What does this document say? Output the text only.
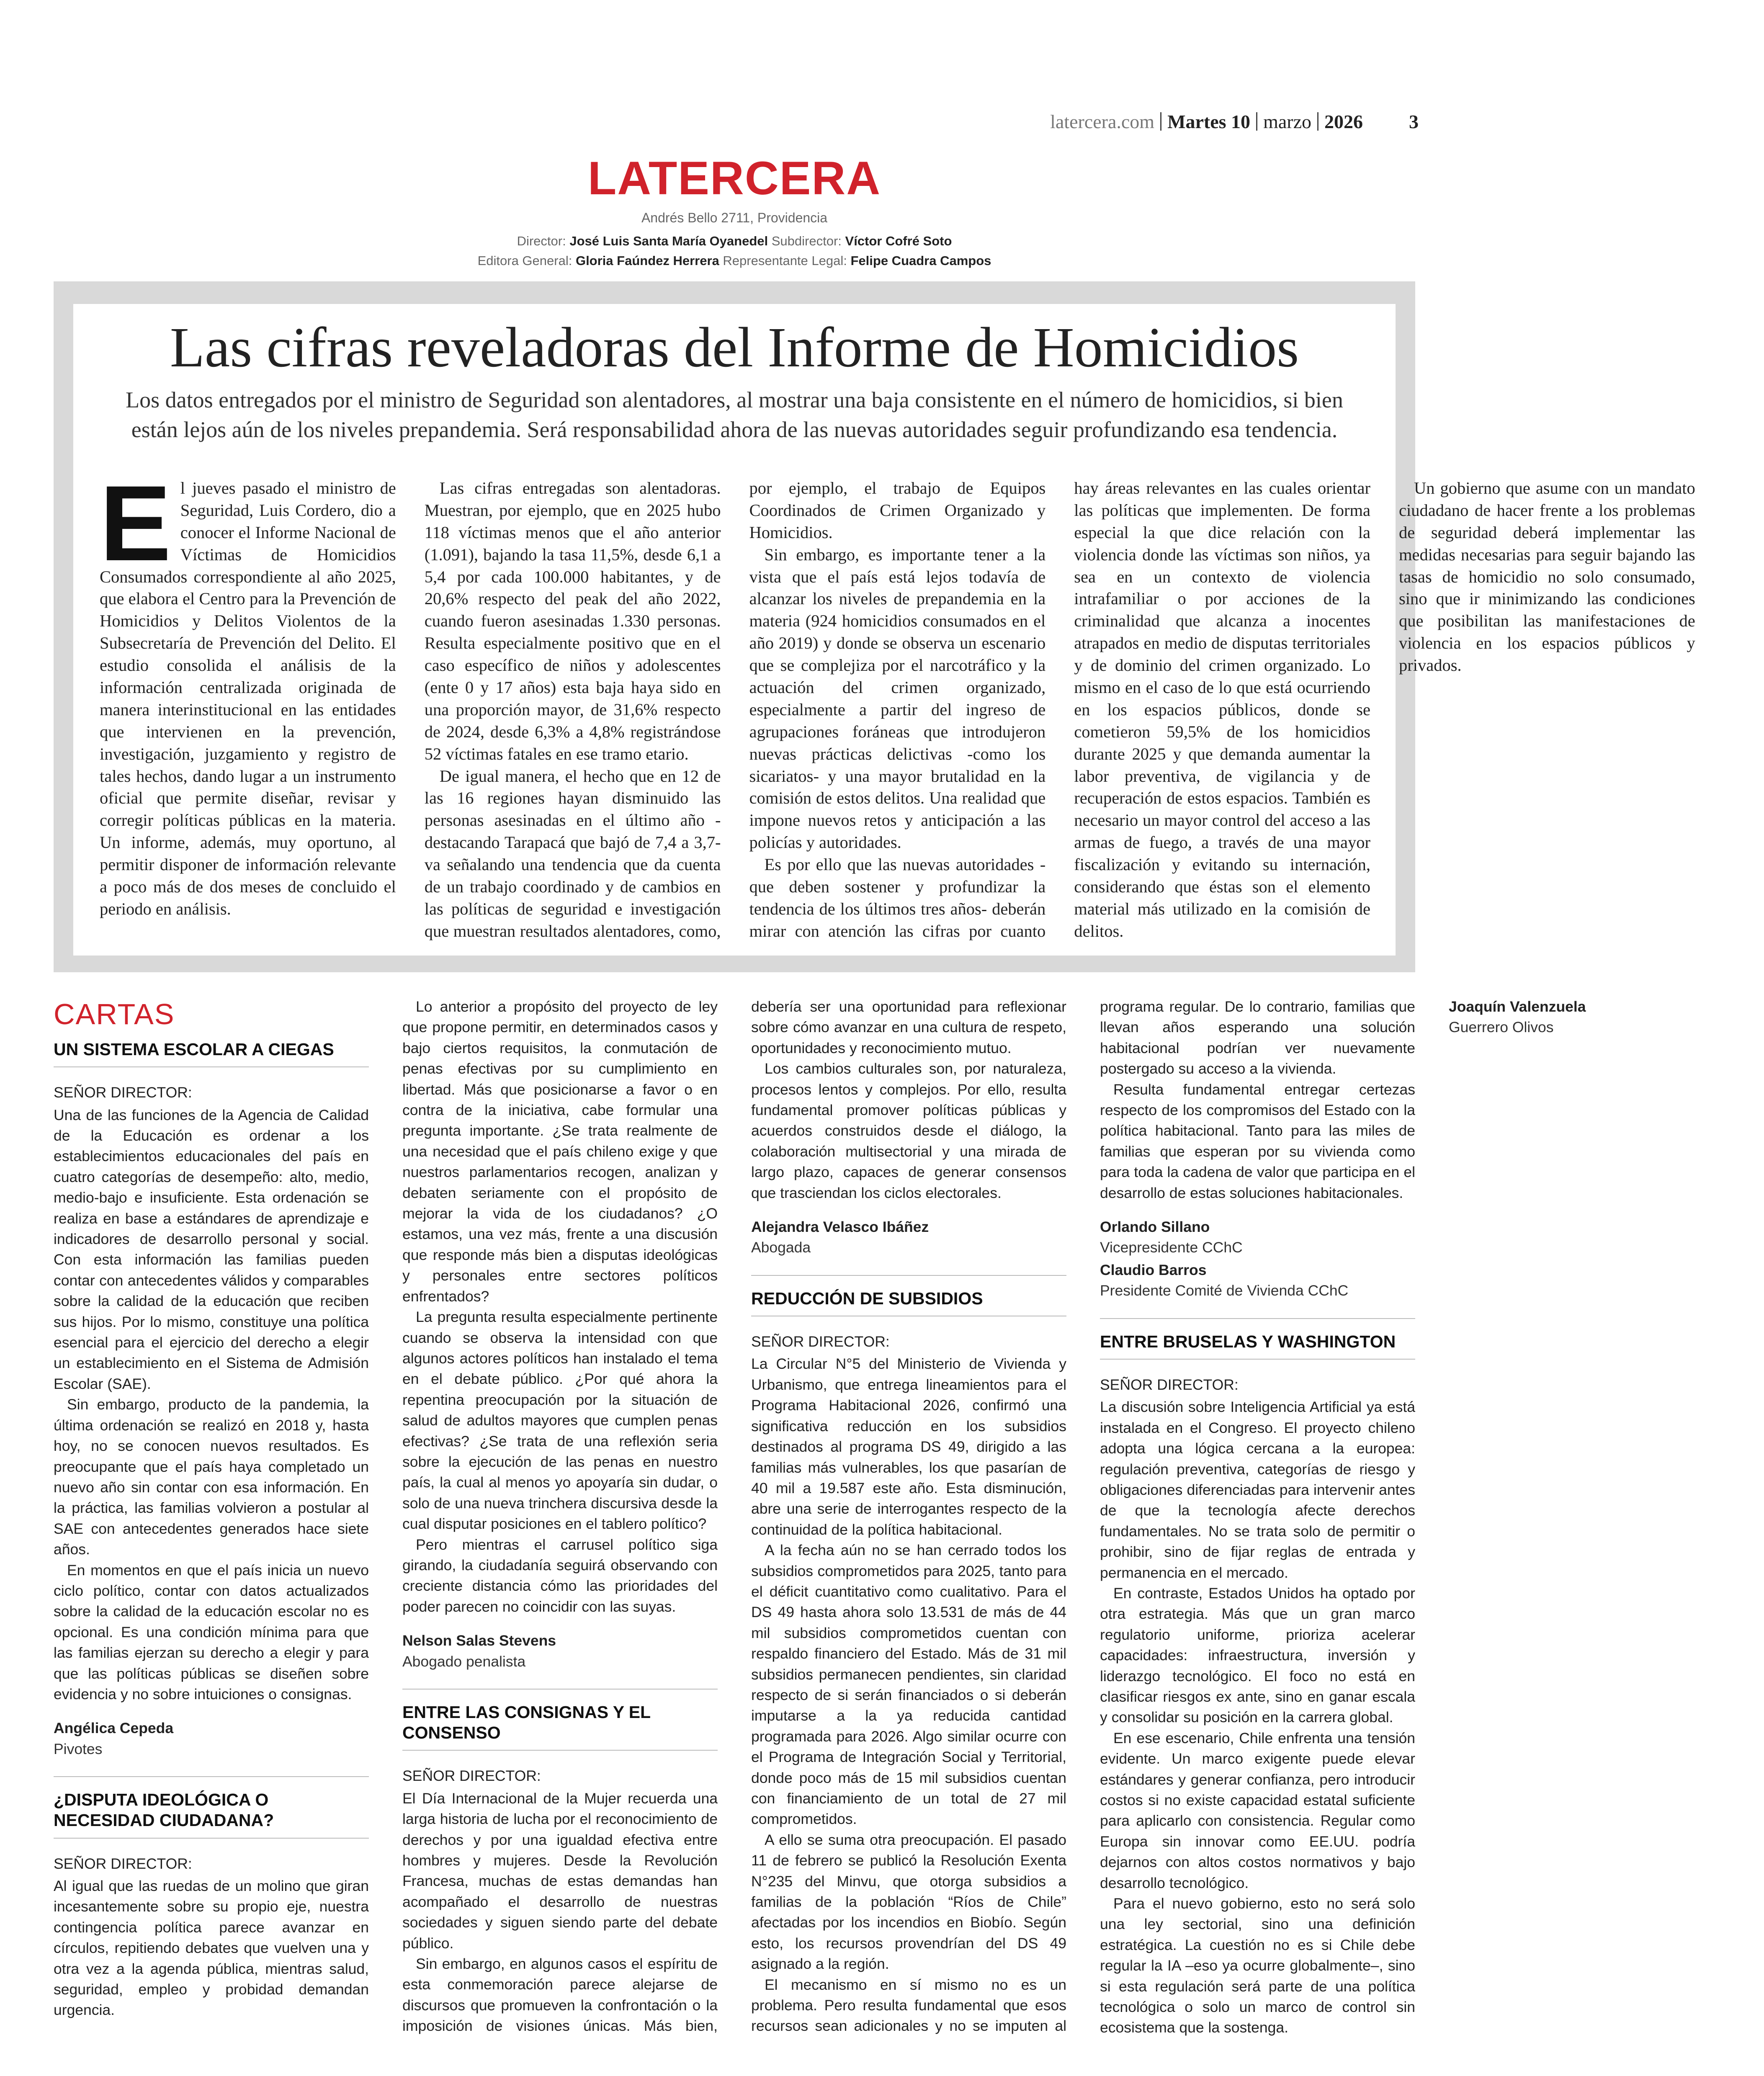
latercera.com Martes 10 marzo 2026 3
LATERCERA
Andrés Bello 2711, Providencia
Director: José Luis Santa María Oyanedel Subdirector: Víctor Cofré Soto
Editora General: Gloria Faúndez Herrera Representante Legal: Felipe Cuadra Campos
Las cifras reveladoras del Informe de Homicidios
Los datos entregados por el ministro de Seguridad son alentadores, al mostrar una baja consistente en el número de homicidios, si bien están lejos aún de los niveles prepandemia. Será responsabilidad ahora de las nuevas autoridades seguir profundizando esa tendencia.

El jueves pasado el ministro de Seguridad, Luis Cordero, dio a conocer el Informe Nacional de Víctimas de Homicidios Consumados correspondiente al año 2025, que elabora el Centro para la Prevención de Homicidios y Delitos Violentos de la Subsecretaría de Prevención del Delito. El estudio consolida el análisis de la información centralizada originada de manera interinstitucional en las entidades que intervienen en la prevención, investigación, juzgamiento y registro de tales hechos, dando lugar a un instrumento oficial que permite diseñar, revisar y corregir políticas públicas en la materia. Un informe, además, muy oportuno, al permitir disponer de información relevante a poco más de dos meses de concluido el periodo en análisis.

Las cifras entregadas son alentadoras. Muestran, por ejemplo, que en 2025 hubo 118 víctimas menos que el año anterior (1.091), bajando la tasa 11,5%, desde 6,1 a 5,4 por cada 100.000 habitantes, y de 20,6% respecto del peak del año 2022, cuando fueron asesinadas 1.330 personas. Resulta especialmente positivo que en el caso específico de niños y adolescentes (ente 0 y 17 años) esta baja haya sido en una proporción mayor, de 31,6% respecto de 2024, desde 6,3% a 4,8% registrándose 52 víctimas fatales en ese tramo etario.

De igual manera, el hecho que en 12 de las 16 regiones hayan disminuido las personas asesinadas en el último año -destacando Tarapacá que bajó de 7,4 a 3,7- va señalando una tendencia que da cuenta de un trabajo coordinado y de cambios en las políticas de seguridad e investigación que muestran resultados alentadores, como, por ejemplo, el trabajo de Equipos Coordinados de Crimen Organizado y Homicidios.

Sin embargo, es importante tener a la vista que el país está lejos todavía de alcanzar los niveles de prepandemia en la materia (924 homicidios consumados en el año 2019) y donde se observa un escenario que se complejiza por el narcotráfico y la actuación del crimen organizado, especialmente a partir del ingreso de agrupaciones foráneas que introdujeron nuevas prácticas delictivas -como los sicariatos- y una mayor brutalidad en la comisión de estos delitos. Una realidad que impone nuevos retos y anticipación a las policías y autoridades.

Es por ello que las nuevas autoridades -que deben sostener y profundizar la tendencia de los últimos tres años- deberán mirar con atención las cifras por cuanto hay áreas relevantes en las cuales orientar las políticas que implementen. De forma especial la que dice relación con la violencia donde las víctimas son niños, ya sea en un contexto de violencia intrafamiliar o por acciones de la criminalidad que alcanza a inocentes atrapados en medio de disputas territoriales y de dominio del crimen organizado. Lo mismo en el caso de lo que está ocurriendo en los espacios públicos, donde se cometieron 59,5% de los homicidios durante 2025 y que demanda aumentar la labor preventiva, de vigilancia y de recuperación de estos espacios. También es necesario un mayor control del acceso a las armas de fuego, a través de una mayor fiscalización y evitando su internación, considerando que éstas son el elemento material más utilizado en la comisión de delitos.

Un gobierno que asume con un mandato ciudadano de hacer frente a los problemas de seguridad deberá implementar las medidas necesarias para seguir bajando las tasas de homicidio no solo consumado, sino que ir minimizando las condiciones que posibilitan las manifestaciones de violencia en los espacios públicos y privados.

CARTAS
UN SISTEMA ESCOLAR A CIEGAS
SEÑOR DIRECTOR:

Una de las funciones de la Agencia de Calidad de la Educación es ordenar a los establecimientos educacionales del país en cuatro categorías de desempeño: alto, medio, medio-bajo e insuficiente. Esta ordenación se realiza en base a estándares de aprendizaje e indicadores de desarrollo personal y social. Con esta información las familias pueden contar con antecedentes válidos y comparables sobre la calidad de la educación que reciben sus hijos. Por lo mismo, constituye una política esencial para el ejercicio del derecho a elegir un establecimiento en el Sistema de Admisión Escolar (SAE).

Sin embargo, producto de la pandemia, la última ordenación se realizó en 2018 y, hasta hoy, no se conocen nuevos resultados. Es preocupante que el país haya completado un nuevo año sin contar con esa información. En la práctica, las familias volvieron a postular al SAE con antecedentes generados hace siete años.

En momentos en que el país inicia un nuevo ciclo político, contar con datos actualizados sobre la calidad de la educación escolar no es opcional. Es una condición mínima para que las familias ejerzan su derecho a elegir y para que las políticas públicas se diseñen sobre evidencia y no sobre intuiciones o consignas.

Angélica Cepeda
Pivotes
¿DISPUTA IDEOLÓGICA O NECESIDAD CIUDADANA?
SEÑOR DIRECTOR:

Al igual que las ruedas de un molino que giran incesantemente sobre su propio eje, nuestra contingencia política parece avanzar en círculos, repitiendo debates que vuelven una y otra vez a la agenda pública, mientras salud, seguridad, empleo y probidad demandan urgencia.

Lo anterior a propósito del proyecto de ley que propone permitir, en determinados casos y bajo ciertos requisitos, la conmutación de penas efectivas por su cumplimiento en libertad. Más que posicionarse a favor o en contra de la iniciativa, cabe formular una pregunta importante. ¿Se trata realmente de una necesidad que el país chileno exige y que nuestros parlamentarios recogen, analizan y debaten seriamente con el propósito de mejorar la vida de los ciudadanos? ¿O estamos, una vez más, frente a una discusión que responde más bien a disputas ideológicas y personales entre sectores políticos enfrentados?

La pregunta resulta especialmente pertinente cuando se observa la intensidad con que algunos actores políticos han instalado el tema en el debate público. ¿Por qué ahora la repentina preocupación por la situación de salud de adultos mayores que cumplen penas efectivas? ¿Se trata de una reflexión seria sobre la ejecución de las penas en nuestro país, la cual al menos yo apoyaría sin dudar, o solo de una nueva trinchera discursiva desde la cual disputar posiciones en el tablero político?

Pero mientras el carrusel político siga girando, la ciudadanía seguirá observando con creciente distancia cómo las prioridades del poder parecen no coincidir con las suyas.

Nelson Salas Stevens
Abogado penalista
ENTRE LAS CONSIGNAS Y EL CONSENSO
SEÑOR DIRECTOR:

El Día Internacional de la Mujer recuerda una larga historia de lucha por el reconocimiento de derechos y por una igualdad efectiva entre hombres y mujeres. Desde la Revolución Francesa, muchas de estas demandas han acompañado el desarrollo de nuestras sociedades y siguen siendo parte del debate público.

Sin embargo, en algunos casos el espíritu de esta conmemoración parece alejarse de discursos que promueven la confrontación o la imposición de visiones únicas. Más bien, debería ser una oportunidad para reflexionar sobre cómo avanzar en una cultura de respeto, oportunidades y reconocimiento mutuo.

Los cambios culturales son, por naturaleza, procesos lentos y complejos. Por ello, resulta fundamental promover políticas públicas y acuerdos construidos desde el diálogo, la colaboración multisectorial y una mirada de largo plazo, capaces de generar consensos que trasciendan los ciclos electorales.

Alejandra Velasco Ibáñez
Abogada
REDUCCIÓN DE SUBSIDIOS
SEÑOR DIRECTOR:

La Circular N°5 del Ministerio de Vivienda y Urbanismo, que entrega lineamientos para el Programa Habitacional 2026, confirmó una significativa reducción en los subsidios destinados al programa DS 49, dirigido a las familias más vulnerables, los que pasarían de 40 mil a 19.587 este año. Esta disminución, abre una serie de interrogantes respecto de la continuidad de la política habitacional.

A la fecha aún no se han cerrado todos los subsidios comprometidos para 2025, tanto para el déficit cuantitativo como cualitativo. Para el DS 49 hasta ahora solo 13.531 de más de 44 mil subsidios comprometidos cuentan con respaldo financiero del Estado. Más de 31 mil subsidios permanecen pendientes, sin claridad respecto de si serán financiados o si deberán imputarse a la ya reducida cantidad programada para 2026. Algo similar ocurre con el Programa de Integración Social y Territorial, donde poco más de 15 mil subsidios cuentan con financiamiento de un total de 27 mil comprometidos.

A ello se suma otra preocupación. El pasado 11 de febrero se publicó la Resolución Exenta N°235 del Minvu, que otorga subsidios a familias de la población “Ríos de Chile” afectadas por los incendios en Biobío. Según esto, los recursos provendrían del DS 49 asignado a la región.

El mecanismo en sí mismo no es un problema. Pero resulta fundamental que esos recursos sean adicionales y no se imputen al programa regular. De lo contrario, familias que llevan años esperando una solución habitacional podrían ver nuevamente postergado su acceso a la vivienda.

Resulta fundamental entregar certezas respecto de los compromisos del Estado con la política habitacional. Tanto para las miles de familias que esperan por su vivienda como para toda la cadena de valor que participa en el desarrollo de estas soluciones habitacionales.

Orlando Sillano
Vicepresidente CChC
Claudio Barros
Presidente Comité de Vivienda CChC
ENTRE BRUSELAS Y WASHINGTON
SEÑOR DIRECTOR:

La discusión sobre Inteligencia Artificial ya está instalada en el Congreso. El proyecto chileno adopta una lógica cercana a la europea: regulación preventiva, categorías de riesgo y obligaciones diferenciadas para intervenir antes de que la tecnología afecte derechos fundamentales. No se trata solo de permitir o prohibir, sino de fijar reglas de entrada y permanencia en el mercado.

En contraste, Estados Unidos ha optado por otra estrategia. Más que un gran marco regulatorio uniforme, prioriza acelerar capacidades: infraestructura, inversión y liderazgo tecnológico. El foco no está en clasificar riesgos ex ante, sino en ganar escala y consolidar su posición en la carrera global.

En ese escenario, Chile enfrenta una tensión evidente. Un marco exigente puede elevar estándares y generar confianza, pero introducir costos si no existe capacidad estatal suficiente para aplicarlo con consistencia. Regular como Europa sin innovar como EE.UU. podría dejarnos con altos costos normativos y bajo desarrollo tecnológico.

Para el nuevo gobierno, esto no será solo una ley sectorial, sino una definición estratégica. La cuestión no es si Chile debe regular la IA –eso ya ocurre globalmente–, sino si esta regulación será parte de una política tecnológica o solo un marco de control sin ecosistema que la sostenga.

Joaquín Valenzuela
Guerrero Olivos
